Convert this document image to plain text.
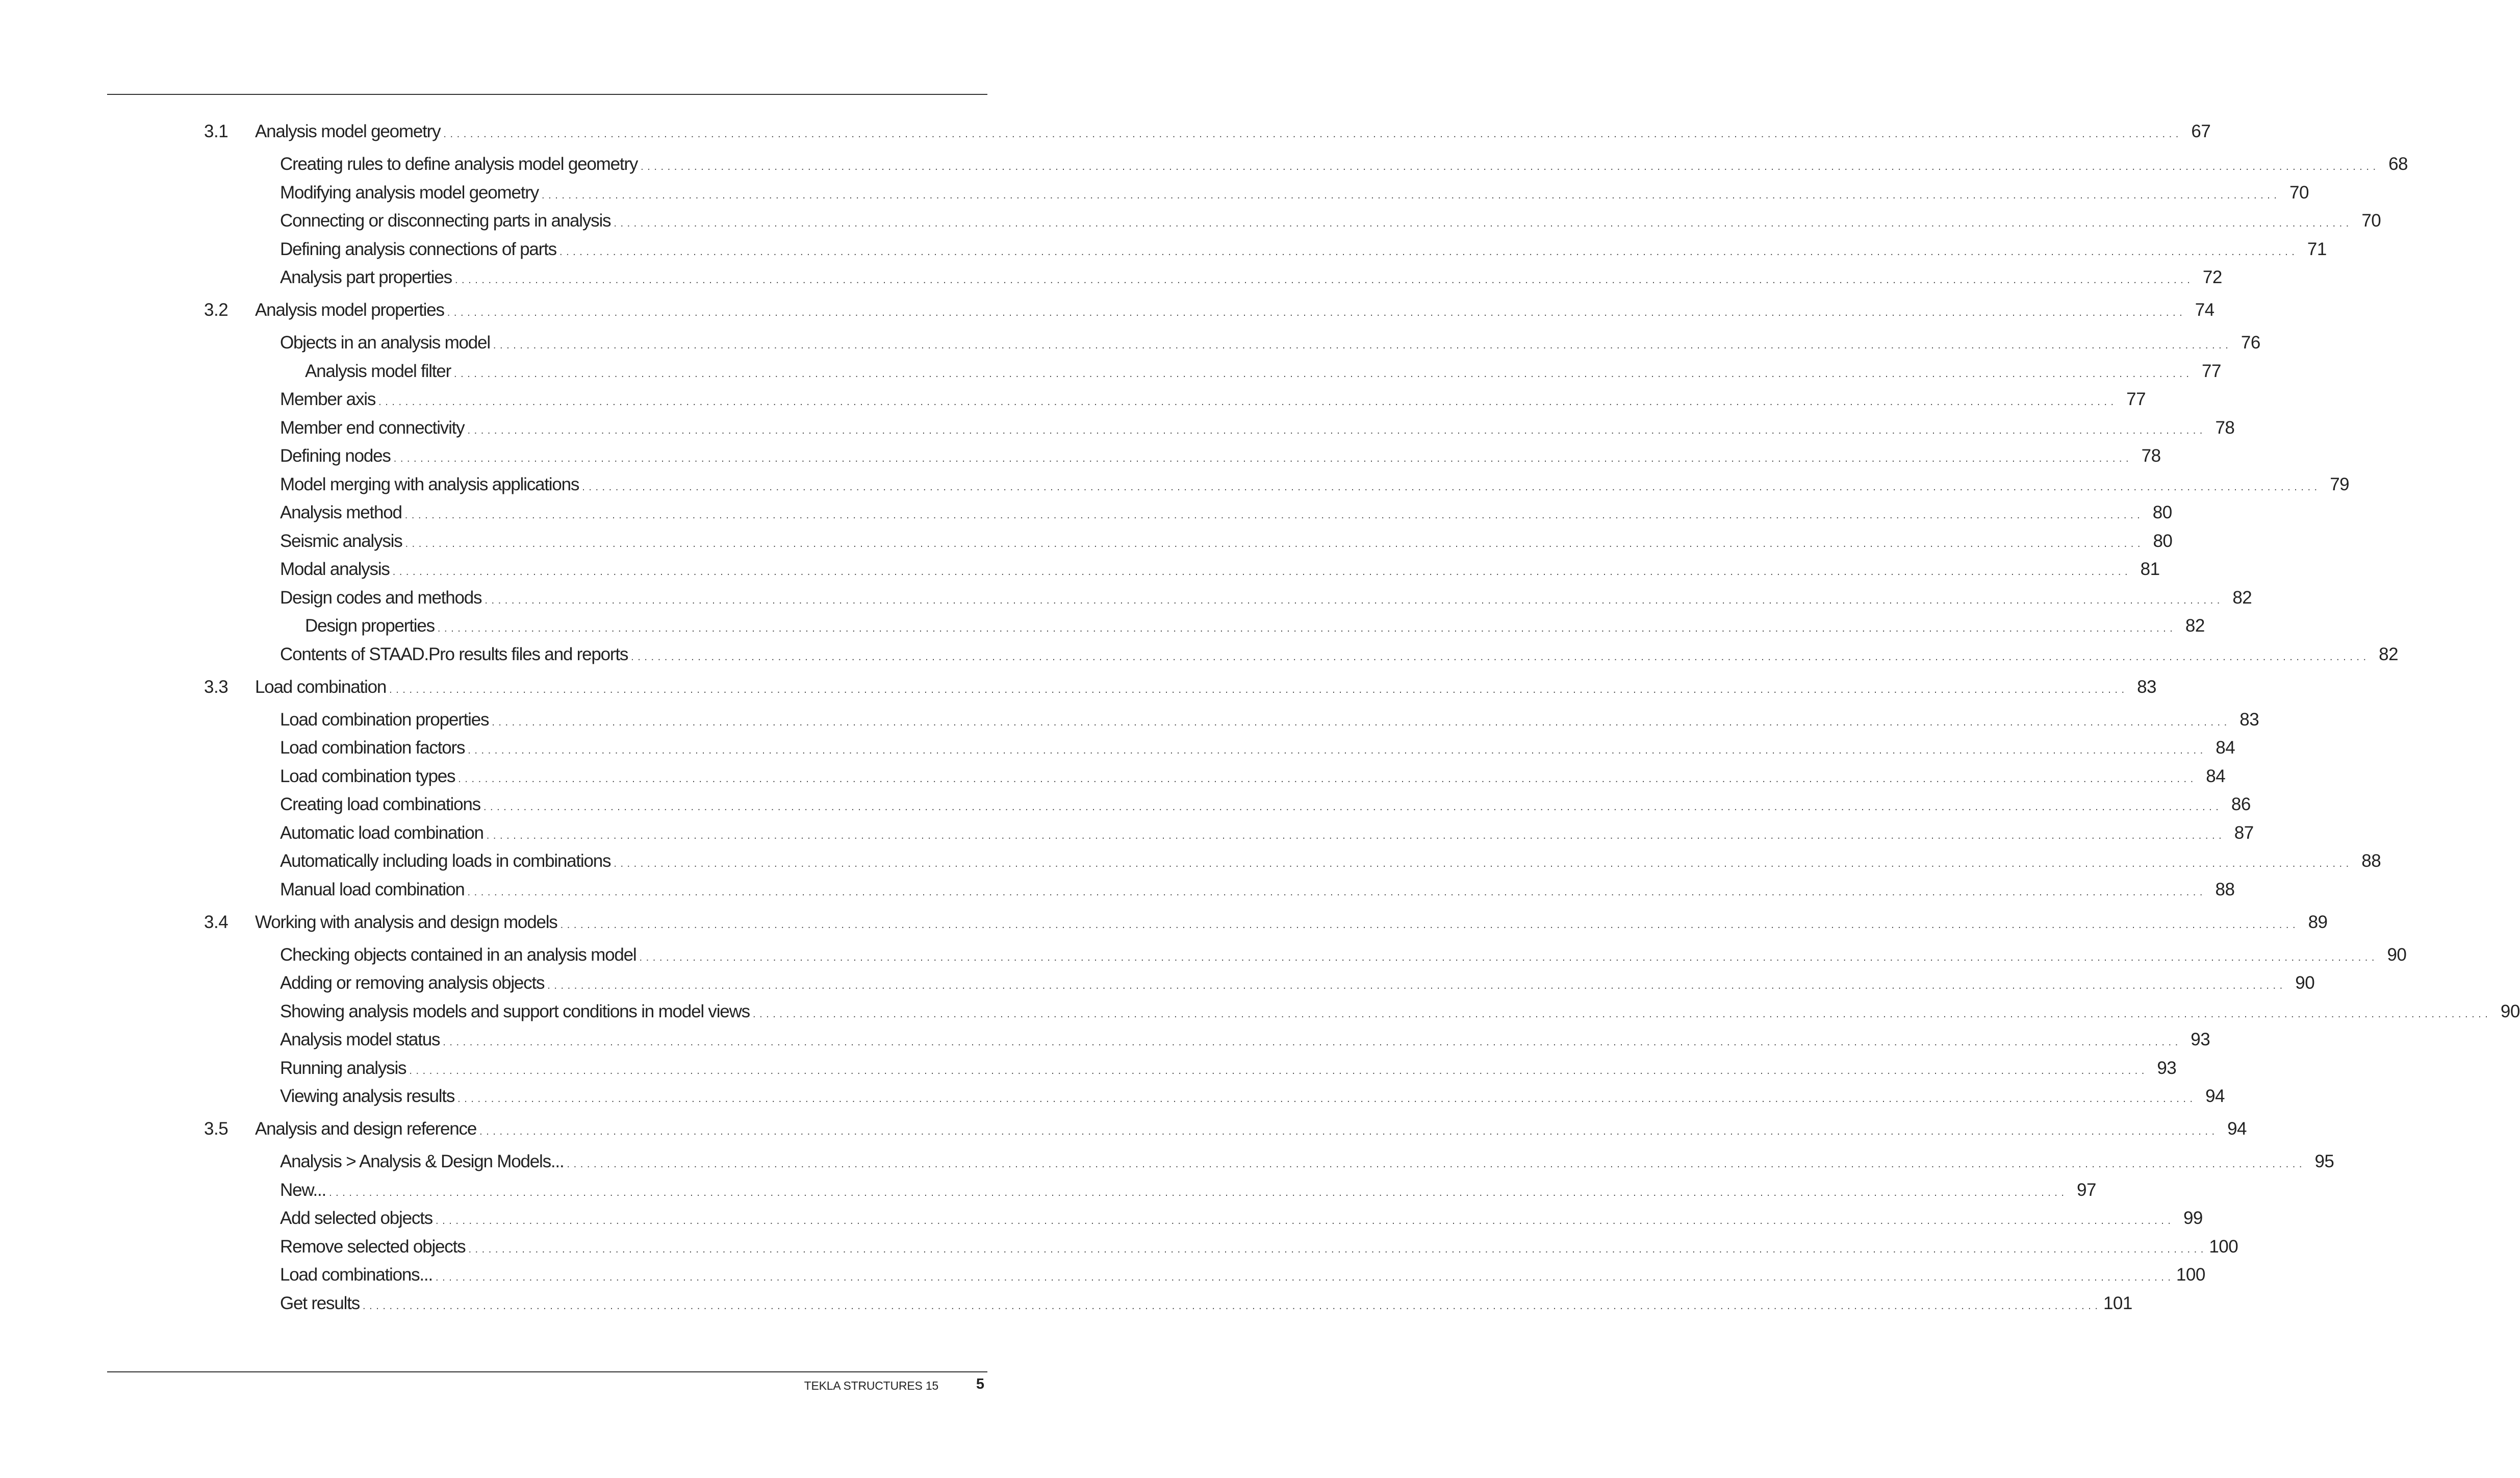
3.1	Analysis model geometry . . . . . . . . . . . . . . . . . . . . . . . . . . . . . . . . . . . . . . . . . . . . . . . . . . . . . . . . . . . . . . . . . . . . . . . . . . . . . . . . . . . . . . . . . . . . . . . . . . . . . . . . . . . . . . . . . . . . . . . . . . . . . . . . . . . . . . . . . . . . . . . . . . . . . . . . . . . . . . . . . . . . . . . . . . . . . . . . . . . . . . . . . . . . . . . . . . . . . . . . . . . . . . . . . . . . . . . . . . . . . . . . . . . . . . . . . . . . . . . . . . . . . . . . . . . . . . . . . . . . 67
Creating rules to define analysis model geometry . . . . . . . . . . . . . . . . . . . . . . . . . . . . . . . . . . . . . . . . . . . . . . . . . . . . . . . . . . . . . . . . . . . . . . . . . . . . . . . . . . . . . . . . . . . . . . . . . . . . . . . . . . . . . . . . . . . . . . . . . . . . . . . . . . . . . . . . . . . . . . . . . . . . . . . . . . . . . . . . . . . . . . . . . . . . . . . . . . . . . . . . . . . . . . . . . . . . . . . . . . . . . . . . . . . . . . . . . . . . . . . . . . . . . . . . . . . . . . . . . . . . . . . . . . . . . . . . . . . . 68
Modifying analysis model geometry . . . . . . . . . . . . . . . . . . . . . . . . . . . . . . . . . . . . . . . . . . . . . . . . . . . . . . . . . . . . . . . . . . . . . . . . . . . . . . . . . . . . . . . . . . . . . . . . . . . . . . . . . . . . . . . . . . . . . . . . . . . . . . . . . . . . . . . . . . . . . . . . . . . . . . . . . . . . . . . . . . . . . . . . . . . . . . . . . . . . . . . . . . . . . . . . . . . . . . . . . . . . . . . . . . . . . . . . . . . . . . . . . . . . . . . . . . . . . . . . . . . . . . . . . . . . . . . . . . . . 70
Connecting or disconnecting parts in analysis . . . . . . . . . . . . . . . . . . . . . . . . . . . . . . . . . . . . . . . . . . . . . . . . . . . . . . . . . . . . . . . . . . . . . . . . . . . . . . . . . . . . . . . . . . . . . . . . . . . . . . . . . . . . . . . . . . . . . . . . . . . . . . . . . . . . . . . . . . . . . . . . . . . . . . . . . . . . . . . . . . . . . . . . . . . . . . . . . . . . . . . . . . . . . . . . . . . . . . . . . . . . . . . . . . . . . . . . . . . . . . . . . . . . . . . . . . . . . . . . . . . . . . . . . . . . . . . . . . . . 70
Defining analysis connections of parts . . . . . . . . . . . . . . . . . . . . . . . . . . . . . . . . . . . . . . . . . . . . . . . . . . . . . . . . . . . . . . . . . . . . . . . . . . . . . . . . . . . . . . . . . . . . . . . . . . . . . . . . . . . . . . . . . . . . . . . . . . . . . . . . . . . . . . . . . . . . . . . . . . . . . . . . . . . . . . . . . . . . . . . . . . . . . . . . . . . . . . . . . . . . . . . . . . . . . . . . . . . . . . . . . . . . . . . . . . . . . . . . . . . . . . . . . . . . . . . . . . . . . . . . . . . . . . . . . . . . 71
Analysis part properties . . . . . . . . . . . . . . . . . . . . . . . . . . . . . . . . . . . . . . . . . . . . . . . . . . . . . . . . . . . . . . . . . . . . . . . . . . . . . . . . . . . . . . . . . . . . . . . . . . . . . . . . . . . . . . . . . . . . . . . . . . . . . . . . . . . . . . . . . . . . . . . . . . . . . . . . . . . . . . . . . . . . . . . . . . . . . . . . . . . . . . . . . . . . . . . . . . . . . . . . . . . . . . . . . . . . . . . . . . . . . . . . . . . . . . . . . . . . . . . . . . . . . . . . . . . . . . . . . . . . 72
3.2	Analysis model properties . . . . . . . . . . . . . . . . . . . . . . . . . . . . . . . . . . . . . . . . . . . . . . . . . . . . . . . . . . . . . . . . . . . . . . . . . . . . . . . . . . . . . . . . . . . . . . . . . . . . . . . . . . . . . . . . . . . . . . . . . . . . . . . . . . . . . . . . . . . . . . . . . . . . . . . . . . . . . . . . . . . . . . . . . . . . . . . . . . . . . . . . . . . . . . . . . . . . . . . . . . . . . . . . . . . . . . . . . . . . . . . . . . . . . . . . . . . . . . . . . . . . . . . . . . . . . . . . . . . . 74
Objects in an analysis model . . . . . . . . . . . . . . . . . . . . . . . . . . . . . . . . . . . . . . . . . . . . . . . . . . . . . . . . . . . . . . . . . . . . . . . . . . . . . . . . . . . . . . . . . . . . . . . . . . . . . . . . . . . . . . . . . . . . . . . . . . . . . . . . . . . . . . . . . . . . . . . . . . . . . . . . . . . . . . . . . . . . . . . . . . . . . . . . . . . . . . . . . . . . . . . . . . . . . . . . . . . . . . . . . . . . . . . . . . . . . . . . . . . . . . . . . . . . . . . . . . . . . . . . . . . . . . . . . . . . 76
Analysis model filter . . . . . . . . . . . . . . . . . . . . . . . . . . . . . . . . . . . . . . . . . . . . . . . . . . . . . . . . . . . . . . . . . . . . . . . . . . . . . . . . . . . . . . . . . . . . . . . . . . . . . . . . . . . . . . . . . . . . . . . . . . . . . . . . . . . . . . . . . . . . . . . . . . . . . . . . . . . . . . . . . . . . . . . . . . . . . . . . . . . . . . . . . . . . . . . . . . . . . . . . . . . . . . . . . . . . . . . . . . . . . . . . . . . . . . . . . . . . . . . . . . . . . . . . . . . . . . . . . . . . 77
Member axis . . . . . . . . . . . . . . . . . . . . . . . . . . . . . . . . . . . . . . . . . . . . . . . . . . . . . . . . . . . . . . . . . . . . . . . . . . . . . . . . . . . . . . . . . . . . . . . . . . . . . . . . . . . . . . . . . . . . . . . . . . . . . . . . . . . . . . . . . . . . . . . . . . . . . . . . . . . . . . . . . . . . . . . . . . . . . . . . . . . . . . . . . . . . . . . . . . . . . . . . . . . . . . . . . . . . . . . . . . . . . . . . . . . . . . . . . . . . . . . . . . . . . . . . . . . . . . . . . . . . 77
Member end connectivity . . . . . . . . . . . . . . . . . . . . . . . . . . . . . . . . . . . . . . . . . . . . . . . . . . . . . . . . . . . . . . . . . . . . . . . . . . . . . . . . . . . . . . . . . . . . . . . . . . . . . . . . . . . . . . . . . . . . . . . . . . . . . . . . . . . . . . . . . . . . . . . . . . . . . . . . . . . . . . . . . . . . . . . . . . . . . . . . . . . . . . . . . . . . . . . . . . . . . . . . . . . . . . . . . . . . . . . . . . . . . . . . . . . . . . . . . . . . . . . . . . . . . . . . . . . . . . . . . . . . 78
Defining nodes . . . . . . . . . . . . . . . . . . . . . . . . . . . . . . . . . . . . . . . . . . . . . . . . . . . . . . . . . . . . . . . . . . . . . . . . . . . . . . . . . . . . . . . . . . . . . . . . . . . . . . . . . . . . . . . . . . . . . . . . . . . . . . . . . . . . . . . . . . . . . . . . . . . . . . . . . . . . . . . . . . . . . . . . . . . . . . . . . . . . . . . . . . . . . . . . . . . . . . . . . . . . . . . . . . . . . . . . . . . . . . . . . . . . . . . . . . . . . . . . . . . . . . . . . . . . . . . . . . . . 78
Model merging with analysis applications . . . . . . . . . . . . . . . . . . . . . . . . . . . . . . . . . . . . . . . . . . . . . . . . . . . . . . . . . . . . . . . . . . . . . . . . . . . . . . . . . . . . . . . . . . . . . . . . . . . . . . . . . . . . . . . . . . . . . . . . . . . . . . . . . . . . . . . . . . . . . . . . . . . . . . . . . . . . . . . . . . . . . . . . . . . . . . . . . . . . . . . . . . . . . . . . . . . . . . . . . . . . . . . . . . . . . . . . . . . . . . . . . . . . . . . . . . . . . . . . . . . . . . . . . . . . . . . . . . . . 79
Analysis method . . . . . . . . . . . . . . . . . . . . . . . . . . . . . . . . . . . . . . . . . . . . . . . . . . . . . . . . . . . . . . . . . . . . . . . . . . . . . . . . . . . . . . . . . . . . . . . . . . . . . . . . . . . . . . . . . . . . . . . . . . . . . . . . . . . . . . . . . . . . . . . . . . . . . . . . . . . . . . . . . . . . . . . . . . . . . . . . . . . . . . . . . . . . . . . . . . . . . . . . . . . . . . . . . . . . . . . . . . . . . . . . . . . . . . . . . . . . . . . . . . . . . . . . . . . . . . . . . . . . 80
Seismic analysis . . . . . . . . . . . . . . . . . . . . . . . . . . . . . . . . . . . . . . . . . . . . . . . . . . . . . . . . . . . . . . . . . . . . . . . . . . . . . . . . . . . . . . . . . . . . . . . . . . . . . . . . . . . . . . . . . . . . . . . . . . . . . . . . . . . . . . . . . . . . . . . . . . . . . . . . . . . . . . . . . . . . . . . . . . . . . . . . . . . . . . . . . . . . . . . . . . . . . . . . . . . . . . . . . . . . . . . . . . . . . . . . . . . . . . . . . . . . . . . . . . . . . . . . . . . . . . . . . . . . 80
Modal analysis . . . . . . . . . . . . . . . . . . . . . . . . . . . . . . . . . . . . . . . . . . . . . . . . . . . . . . . . . . . . . . . . . . . . . . . . . . . . . . . . . . . . . . . . . . . . . . . . . . . . . . . . . . . . . . . . . . . . . . . . . . . . . . . . . . . . . . . . . . . . . . . . . . . . . . . . . . . . . . . . . . . . . . . . . . . . . . . . . . . . . . . . . . . . . . . . . . . . . . . . . . . . . . . . . . . . . . . . . . . . . . . . . . . . . . . . . . . . . . . . . . . . . . . . . . . . . . . . . . . . 81
Design codes and methods . . . . . . . . . . . . . . . . . . . . . . . . . . . . . . . . . . . . . . . . . . . . . . . . . . . . . . . . . . . . . . . . . . . . . . . . . . . . . . . . . . . . . . . . . . . . . . . . . . . . . . . . . . . . . . . . . . . . . . . . . . . . . . . . . . . . . . . . . . . . . . . . . . . . . . . . . . . . . . . . . . . . . . . . . . . . . . . . . . . . . . . . . . . . . . . . . . . . . . . . . . . . . . . . . . . . . . . . . . . . . . . . . . . . . . . . . . . . . . . . . . . . . . . . . . . . . . . . . . . . 82
Design properties . . . . . . . . . . . . . . . . . . . . . . . . . . . . . . . . . . . . . . . . . . . . . . . . . . . . . . . . . . . . . . . . . . . . . . . . . . . . . . . . . . . . . . . . . . . . . . . . . . . . . . . . . . . . . . . . . . . . . . . . . . . . . . . . . . . . . . . . . . . . . . . . . . . . . . . . . . . . . . . . . . . . . . . . . . . . . . . . . . . . . . . . . . . . . . . . . . . . . . . . . . . . . . . . . . . . . . . . . . . . . . . . . . . . . . . . . . . . . . . . . . . . . . . . . . . . . . . . . . . . 82
Contents of STAAD.Pro results files and reports . . . . . . . . . . . . . . . . . . . . . . . . . . . . . . . . . . . . . . . . . . . . . . . . . . . . . . . . . . . . . . . . . . . . . . . . . . . . . . . . . . . . . . . . . . . . . . . . . . . . . . . . . . . . . . . . . . . . . . . . . . . . . . . . . . . . . . . . . . . . . . . . . . . . . . . . . . . . . . . . . . . . . . . . . . . . . . . . . . . . . . . . . . . . . . . . . . . . . . . . . . . . . . . . . . . . . . . . . . . . . . . . . . . . . . . . . . . . . . . . . . . . . . . . . . . . . . . . . . . . 82
3.3	Load combination . . . . . . . . . . . . . . . . . . . . . . . . . . . . . . . . . . . . . . . . . . . . . . . . . . . . . . . . . . . . . . . . . . . . . . . . . . . . . . . . . . . . . . . . . . . . . . . . . . . . . . . . . . . . . . . . . . . . . . . . . . . . . . . . . . . . . . . . . . . . . . . . . . . . . . . . . . . . . . . . . . . . . . . . . . . . . . . . . . . . . . . . . . . . . . . . . . . . . . . . . . . . . . . . . . . . . . . . . . . . . . . . . . . . . . . . . . . . . . . . . . . . . . . . . . . . . . . . . . . . 83
Load combination properties . . . . . . . . . . . . . . . . . . . . . . . . . . . . . . . . . . . . . . . . . . . . . . . . . . . . . . . . . . . . . . . . . . . . . . . . . . . . . . . . . . . . . . . . . . . . . . . . . . . . . . . . . . . . . . . . . . . . . . . . . . . . . . . . . . . . . . . . . . . . . . . . . . . . . . . . . . . . . . . . . . . . . . . . . . . . . . . . . . . . . . . . . . . . . . . . . . . . . . . . . . . . . . . . . . . . . . . . . . . . . . . . . . . . . . . . . . . . . . . . . . . . . . . . . . . . . . . . . . . . 83
Load combination factors . . . . . . . . . . . . . . . . . . . . . . . . . . . . . . . . . . . . . . . . . . . . . . . . . . . . . . . . . . . . . . . . . . . . . . . . . . . . . . . . . . . . . . . . . . . . . . . . . . . . . . . . . . . . . . . . . . . . . . . . . . . . . . . . . . . . . . . . . . . . . . . . . . . . . . . . . . . . . . . . . . . . . . . . . . . . . . . . . . . . . . . . . . . . . . . . . . . . . . . . . . . . . . . . . . . . . . . . . . . . . . . . . . . . . . . . . . . . . . . . . . . . . . . . . . . . . . . . . . . . 84
Load combination types . . . . . . . . . . . . . . . . . . . . . . . . . . . . . . . . . . . . . . . . . . . . . . . . . . . . . . . . . . . . . . . . . . . . . . . . . . . . . . . . . . . . . . . . . . . . . . . . . . . . . . . . . . . . . . . . . . . . . . . . . . . . . . . . . . . . . . . . . . . . . . . . . . . . . . . . . . . . . . . . . . . . . . . . . . . . . . . . . . . . . . . . . . . . . . . . . . . . . . . . . . . . . . . . . . . . . . . . . . . . . . . . . . . . . . . . . . . . . . . . . . . . . . . . . . . . . . . . . . . . 84
Creating load combinations . . . . . . . . . . . . . . . . . . . . . . . . . . . . . . . . . . . . . . . . . . . . . . . . . . . . . . . . . . . . . . . . . . . . . . . . . . . . . . . . . . . . . . . . . . . . . . . . . . . . . . . . . . . . . . . . . . . . . . . . . . . . . . . . . . . . . . . . . . . . . . . . . . . . . . . . . . . . . . . . . . . . . . . . . . . . . . . . . . . . . . . . . . . . . . . . . . . . . . . . . . . . . . . . . . . . . . . . . . . . . . . . . . . . . . . . . . . . . . . . . . . . . . . . . . . . . . . . . . . . 86
Automatic load combination . . . . . . . . . . . . . . . . . . . . . . . . . . . . . . . . . . . . . . . . . . . . . . . . . . . . . . . . . . . . . . . . . . . . . . . . . . . . . . . . . . . . . . . . . . . . . . . . . . . . . . . . . . . . . . . . . . . . . . . . . . . . . . . . . . . . . . . . . . . . . . . . . . . . . . . . . . . . . . . . . . . . . . . . . . . . . . . . . . . . . . . . . . . . . . . . . . . . . . . . . . . . . . . . . . . . . . . . . . . . . . . . . . . . . . . . . . . . . . . . . . . . . . . . . . . . . . . . . . . . 87
Automatically including loads in combinations . . . . . . . . . . . . . . . . . . . . . . . . . . . . . . . . . . . . . . . . . . . . . . . . . . . . . . . . . . . . . . . . . . . . . . . . . . . . . . . . . . . . . . . . . . . . . . . . . . . . . . . . . . . . . . . . . . . . . . . . . . . . . . . . . . . . . . . . . . . . . . . . . . . . . . . . . . . . . . . . . . . . . . . . . . . . . . . . . . . . . . . . . . . . . . . . . . . . . . . . . . . . . . . . . . . . . . . . . . . . . . . . . . . . . . . . . . . . . . . . . . . . . . . . . . . . . . . . . . . . 88
Manual load combination . . . . . . . . . . . . . . . . . . . . . . . . . . . . . . . . . . . . . . . . . . . . . . . . . . . . . . . . . . . . . . . . . . . . . . . . . . . . . . . . . . . . . . . . . . . . . . . . . . . . . . . . . . . . . . . . . . . . . . . . . . . . . . . . . . . . . . . . . . . . . . . . . . . . . . . . . . . . . . . . . . . . . . . . . . . . . . . . . . . . . . . . . . . . . . . . . . . . . . . . . . . . . . . . . . . . . . . . . . . . . . . . . . . . . . . . . . . . . . . . . . . . . . . . . . . . . . . . . . . . 88
3.4	Working with analysis and design models . . . . . . . . . . . . . . . . . . . . . . . . . . . . . . . . . . . . . . . . . . . . . . . . . . . . . . . . . . . . . . . . . . . . . . . . . . . . . . . . . . . . . . . . . . . . . . . . . . . . . . . . . . . . . . . . . . . . . . . . . . . . . . . . . . . . . . . . . . . . . . . . . . . . . . . . . . . . . . . . . . . . . . . . . . . . . . . . . . . . . . . . . . . . . . . . . . . . . . . . . . . . . . . . . . . . . . . . . . . . . . . . . . . . . . . . . . . . . . . . . . . . . . . . . . . . . . . . . . . . 89
Checking objects contained in an analysis model . . . . . . . . . . . . . . . . . . . . . . . . . . . . . . . . . . . . . . . . . . . . . . . . . . . . . . . . . . . . . . . . . . . . . . . . . . . . . . . . . . . . . . . . . . . . . . . . . . . . . . . . . . . . . . . . . . . . . . . . . . . . . . . . . . . . . . . . . . . . . . . . . . . . . . . . . . . . . . . . . . . . . . . . . . . . . . . . . . . . . . . . . . . . . . . . . . . . . . . . . . . . . . . . . . . . . . . . . . . . . . . . . . . . . . . . . . . . . . . . . . . . . . . . . . . . . . . . . . . . 90
Adding or removing analysis objects . . . . . . . . . . . . . . . . . . . . . . . . . . . . . . . . . . . . . . . . . . . . . . . . . . . . . . . . . . . . . . . . . . . . . . . . . . . . . . . . . . . . . . . . . . . . . . . . . . . . . . . . . . . . . . . . . . . . . . . . . . . . . . . . . . . . . . . . . . . . . . . . . . . . . . . . . . . . . . . . . . . . . . . . . . . . . . . . . . . . . . . . . . . . . . . . . . . . . . . . . . . . . . . . . . . . . . . . . . . . . . . . . . . . . . . . . . . . . . . . . . . . . . . . . . . . . . . . . . . . 90
Showing analysis models and support conditions in model views . . . . . . . . . . . . . . . . . . . . . . . . . . . . . . . . . . . . . . . . . . . . . . . . . . . . . . . . . . . . . . . . . . . . . . . . . . . . . . . . . . . . . . . . . . . . . . . . . . . . . . . . . . . . . . . . . . . . . . . . . . . . . . . . . . . . . . . . . . . . . . . . . . . . . . . . . . . . . . . . . . . . . . . . . . . . . . . . . . . . . . . . . . . . . . . . . . . . . . . . . . . . . . . . . . . . . . . . . . . . . . . . . . . . . . . . . . . . . . . . . . . . . . . . . . . . . . . . . . . . 90
Analysis model status . . . . . . . . . . . . . . . . . . . . . . . . . . . . . . . . . . . . . . . . . . . . . . . . . . . . . . . . . . . . . . . . . . . . . . . . . . . . . . . . . . . . . . . . . . . . . . . . . . . . . . . . . . . . . . . . . . . . . . . . . . . . . . . . . . . . . . . . . . . . . . . . . . . . . . . . . . . . . . . . . . . . . . . . . . . . . . . . . . . . . . . . . . . . . . . . . . . . . . . . . . . . . . . . . . . . . . . . . . . . . . . . . . . . . . . . . . . . . . . . . . . . . . . . . . . . . . . . . . . . 93
Running analysis . . . . . . . . . . . . . . . . . . . . . . . . . . . . . . . . . . . . . . . . . . . . . . . . . . . . . . . . . . . . . . . . . . . . . . . . . . . . . . . . . . . . . . . . . . . . . . . . . . . . . . . . . . . . . . . . . . . . . . . . . . . . . . . . . . . . . . . . . . . . . . . . . . . . . . . . . . . . . . . . . . . . . . . . . . . . . . . . . . . . . . . . . . . . . . . . . . . . . . . . . . . . . . . . . . . . . . . . . . . . . . . . . . . . . . . . . . . . . . . . . . . . . . . . . . . . . . . . . . . . 93
Viewing analysis results . . . . . . . . . . . . . . . . . . . . . . . . . . . . . . . . . . . . . . . . . . . . . . . . . . . . . . . . . . . . . . . . . . . . . . . . . . . . . . . . . . . . . . . . . . . . . . . . . . . . . . . . . . . . . . . . . . . . . . . . . . . . . . . . . . . . . . . . . . . . . . . . . . . . . . . . . . . . . . . . . . . . . . . . . . . . . . . . . . . . . . . . . . . . . . . . . . . . . . . . . . . . . . . . . . . . . . . . . . . . . . . . . . . . . . . . . . . . . . . . . . . . . . . . . . . . . . . . . . . . 94
3.5	Analysis and design reference . . . . . . . . . . . . . . . . . . . . . . . . . . . . . . . . . . . . . . . . . . . . . . . . . . . . . . . . . . . . . . . . . . . . . . . . . . . . . . . . . . . . . . . . . . . . . . . . . . . . . . . . . . . . . . . . . . . . . . . . . . . . . . . . . . . . . . . . . . . . . . . . . . . . . . . . . . . . . . . . . . . . . . . . . . . . . . . . . . . . . . . . . . . . . . . . . . . . . . . . . . . . . . . . . . . . . . . . . . . . . . . . . . . . . . . . . . . . . . . . . . . . . . . . . . . . . . . . . . . . 94
Analysis > Analysis & Design Models... . . . . . . . . . . . . . . . . . . . . . . . . . . . . . . . . . . . . . . . . . . . . . . . . . . . . . . . . . . . . . . . . . . . . . . . . . . . . . . . . . . . . . . . . . . . . . . . . . . . . . . . . . . . . . . . . . . . . . . . . . . . . . . . . . . . . . . . . . . . . . . . . . . . . . . . . . . . . . . . . . . . . . . . . . . . . . . . . . . . . . . . . . . . . . . . . . . . . . . . . . . . . . . . . . . . . . . . . . . . . . . . . . . . . . . . . . . . . . . . . . . . . . . . . . . . . . . . . . . . . 95
New... . . . . . . . . . . . . . . . . . . . . . . . . . . . . . . . . . . . . . . . . . . . . . . . . . . . . . . . . . . . . . . . . . . . . . . . . . . . . . . . . . . . . . . . . . . . . . . . . . . . . . . . . . . . . . . . . . . . . . . . . . . . . . . . . . . . . . . . . . . . . . . . . . . . . . . . . . . . . . . . . . . . . . . . . . . . . . . . . . . . . . . . . . . . . . . . . . . . . . . . . . . . . . . . . . . . . . . . . . . . . . . . . . . . . . . . . . . . . . . . . . . . . . . . . . . . . . . . . . . . . 97
Add selected objects . . . . . . . . . . . . . . . . . . . . . . . . . . . . . . . . . . . . . . . . . . . . . . . . . . . . . . . . . . . . . . . . . . . . . . . . . . . . . . . . . . . . . . . . . . . . . . . . . . . . . . . . . . . . . . . . . . . . . . . . . . . . . . . . . . . . . . . . . . . . . . . . . . . . . . . . . . . . . . . . . . . . . . . . . . . . . . . . . . . . . . . . . . . . . . . . . . . . . . . . . . . . . . . . . . . . . . . . . . . . . . . . . . . . . . . . . . . . . . . . . . . . . . . . . . . . . . . . . . . . 99
Remove selected objects . . . . . . . . . . . . . . . . . . . . . . . . . . . . . . . . . . . . . . . . . . . . . . . . . . . . . . . . . . . . . . . . . . . . . . . . . . . . . . . . . . . . . . . . . . . . . . . . . . . . . . . . . . . . . . . . . . . . . . . . . . . . . . . . . . . . . . . . . . . . . . . . . . . . . . . . . . . . . . . . . . . . . . . . . . . . . . . . . . . . . . . . . . . . . . . . . . . . . . . . . . . . . . . . . . . . . . . . . . . . . . . . . . . . . . . . . . . . . . . . . . . . . . . . . . . . . . . . . . . . 100
Load combinations... . . . . . . . . . . . . . . . . . . . . . . . . . . . . . . . . . . . . . . . . . . . . . . . . . . . . . . . . . . . . . . . . . . . . . . . . . . . . . . . . . . . . . . . . . . . . . . . . . . . . . . . . . . . . . . . . . . . . . . . . . . . . . . . . . . . . . . . . . . . . . . . . . . . . . . . . . . . . . . . . . . . . . . . . . . . . . . . . . . . . . . . . . . . . . . . . . . . . . . . . . . . . . . . . . . . . . . . . . . . . . . . . . . . . . . . . . . . . . . . . . . . . . . . . . . . . . . . . . . . . 100
Get results . . . . . . . . . . . . . . . . . . . . . . . . . . . . . . . . . . . . . . . . . . . . . . . . . . . . . . . . . . . . . . . . . . . . . . . . . . . . . . . . . . . . . . . . . . . . . . . . . . . . . . . . . . . . . . . . . . . . . . . . . . . . . . . . . . . . . . . . . . . . . . . . . . . . . . . . . . . . . . . . . . . . . . . . . . . . . . . . . . . . . . . . . . . . . . . . . . . . . . . . . . . . . . . . . . . . . . . . . . . . . . . . . . . . . . . . . . . . . . . . . . . . . . . . . . . . . . . . . . . . 101
TEKLA STRUCTURES 15	5
